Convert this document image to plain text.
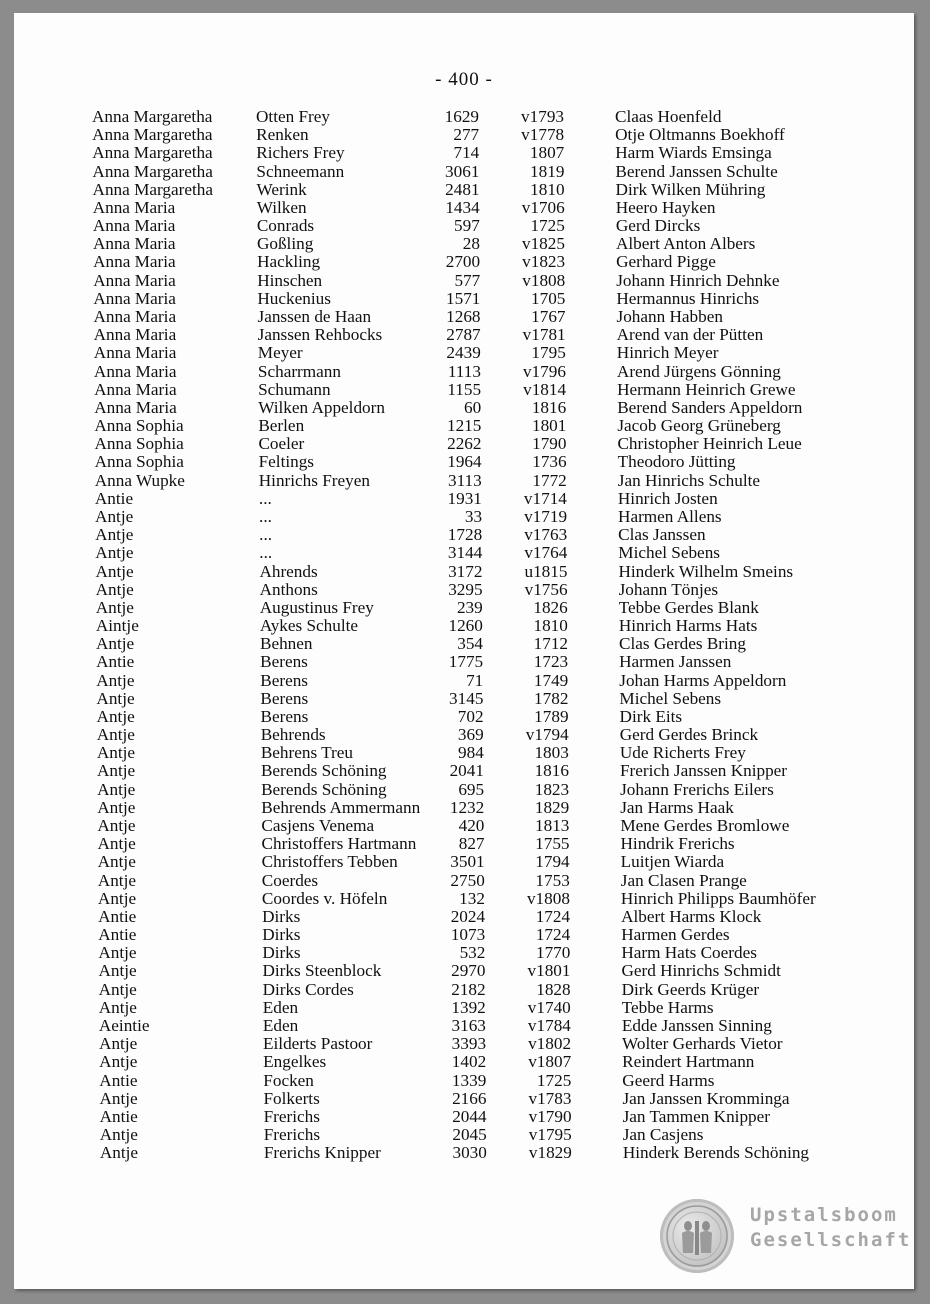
- 400 -
Anna Margaretha	Otten Frey	1629	v1793	Claas Hoenfeld
Anna Margaretha	Renken	277	v1778	Otje Oltmanns Boekhoff
Anna Margaretha	Richers Frey	714	1807	Harm Wiards Emsinga
Anna Margaretha	Schneemann	3061	1819	Berend Janssen Schulte
Anna Margaretha	Werink	2481	1810	Dirk Wilken Mühring
Anna Maria	Wilken	1434	v1706	Heero Hayken
Anna Maria	Conrads	597	1725	Gerd Dircks
Anna Maria	Goßling	28	v1825	Albert Anton Albers
Anna Maria	Hackling	2700	v1823	Gerhard Pigge
Anna Maria	Hinschen	577	v1808	Johann Hinrich Dehnke
Anna Maria	Huckenius	1571	1705	Hermannus Hinrichs
Anna Maria	Janssen de Haan	1268	1767	Johann Habben
Anna Maria	Janssen Rehbocks	2787	v1781	Arend van der Pütten
Anna Maria	Meyer	2439	1795	Hinrich Meyer
Anna Maria	Scharrmann	1113	v1796	Arend Jürgens Gönning
Anna Maria	Schumann	1155	v1814	Hermann Heinrich Grewe
Anna Maria	Wilken Appeldorn	60	1816	Berend Sanders Appeldorn
Anna Sophia	Berlen	1215	1801	Jacob Georg Grüneberg
Anna Sophia	Coeler	2262	1790	Christopher Heinrich Leue
Anna Sophia	Feltings	1964	1736	Theodoro Jütting
Anna Wupke	Hinrichs Freyen	3113	1772	Jan Hinrichs Schulte
Antie	...	1931	v1714	Hinrich Josten
Antje	...	33	v1719	Harmen Allens
Antje	...	1728	v1763	Clas Janssen
Antje	...	3144	v1764	Michel Sebens
Antje	Ahrends	3172	u1815	Hinderk Wilhelm Smeins
Antje	Anthons	3295	v1756	Johann Tönjes
Antje	Augustinus Frey	239	1826	Tebbe Gerdes Blank
Aintje	Aykes Schulte	1260	1810	Hinrich Harms Hats
Antje	Behnen	354	1712	Clas Gerdes Bring
Antie	Berens	1775	1723	Harmen Janssen
Antje	Berens	71	1749	Johan Harms Appeldorn
Antje	Berens	3145	1782	Michel Sebens
Antje	Berens	702	1789	Dirk Eits
Antje	Behrends	369	v1794	Gerd Gerdes Brinck
Antje	Behrens Treu	984	1803	Ude Richerts Frey
Antje	Berends Schöning	2041	1816	Frerich Janssen Knipper
Antje	Berends Schöning	695	1823	Johann Frerichs Eilers
Antje	Behrends Ammermann	1232	1829	Jan Harms Haak
Antje	Casjens Venema	420	1813	Mene Gerdes Bromlowe
Antje	Christoffers Hartmann	827	1755	Hindrik Frerichs
Antje	Christoffers Tebben	3501	1794	Luitjen Wiarda
Antje	Coerdes	2750	1753	Jan Clasen Prange
Antje	Coordes v. Höfeln	132	v1808	Hinrich Philipps Baumhöfer
Antie	Dirks	2024	1724	Albert Harms Klock
Antie	Dirks	1073	1724	Harmen Gerdes
Antje	Dirks	532	1770	Harm Hats Coerdes
Antje	Dirks Steenblock	2970	v1801	Gerd Hinrichs Schmidt
Antje	Dirks Cordes	2182	1828	Dirk Geerds Krüger
Antje	Eden	1392	v1740	Tebbe Harms
Aeintie	Eden	3163	v1784	Edde Janssen Sinning
Antje	Eilderts Pastoor	3393	v1802	Wolter Gerhards Vietor
Antje	Engelkes	1402	v1807	Reindert Hartmann
Antie	Focken	1339	1725	Geerd Harms
Antje	Folkerts	2166	v1783	Jan Janssen Kromminga
Antie	Frerichs	2044	v1790	Jan Tammen Knipper
Antje	Frerichs	2045	v1795	Jan Casjens
Antje	Frerichs Knipper	3030	v1829	Hinderk Berends Schöning
Upstalsboom
Gesellschaft
